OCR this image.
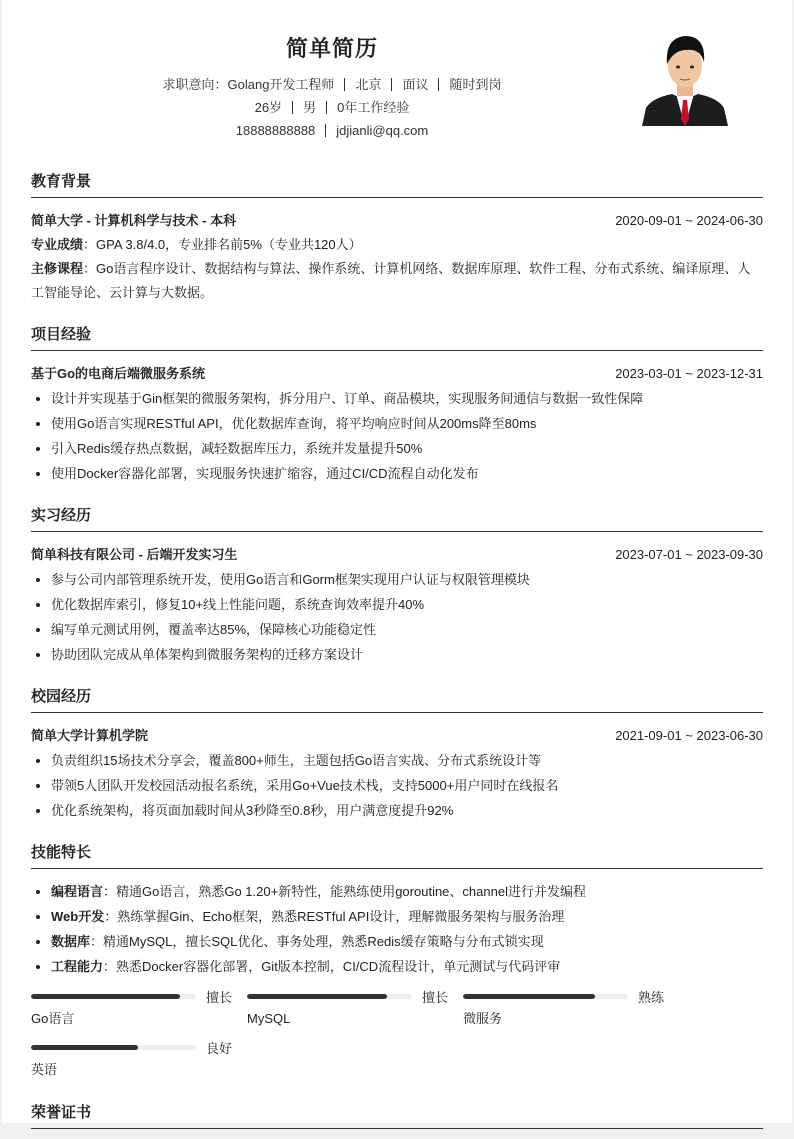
简单简历
求职意向：Golang开发工程师 北京 面议 随时到岗
26岁 男 0年工作经验
18888888888 jdjianli@qq.com
教育背景
简单大学 - 计算机科学与技术 - 本科	2020-09-01 ~ 2024-06-30
专业成绩：GPA 3.8/4.0，专业排名前5%（专业共120人）
主修课程：Go语言程序设计、数据结构与算法、操作系统、计算机网络、数据库原理、软件工程、分布式系统、编译原理、人工智能导论、云计算与大数据。
项目经验
基于Go的电商后端微服务系统	2023-03-01 ~ 2023-12-31
• 设计并实现基于Gin框架的微服务架构，拆分用户、订单、商品模块，实现服务间通信与数据一致性保障
• 使用Go语言实现RESTful API，优化数据库查询，将平均响应时间从200ms降至80ms
• 引入Redis缓存热点数据，减轻数据库压力，系统并发量提升50%
• 使用Docker容器化部署，实现服务快速扩缩容，通过CI/CD流程自动化发布
实习经历
简单科技有限公司 - 后端开发实习生	2023-07-01 ~ 2023-09-30
• 参与公司内部管理系统开发，使用Go语言和Gorm框架实现用户认证与权限管理模块
• 优化数据库索引，修复10+线上性能问题，系统查询效率提升40%
• 编写单元测试用例，覆盖率达85%，保障核心功能稳定性
• 协助团队完成从单体架构到微服务架构的迁移方案设计
校园经历
简单大学计算机学院	2021-09-01 ~ 2023-06-30
• 负责组织15场技术分享会，覆盖800+师生，主题包括Go语言实战、分布式系统设计等
• 带领5人团队开发校园活动报名系统，采用Go+Vue技术栈，支持5000+用户同时在线报名
• 优化系统架构，将页面加载时间从3秒降至0.8秒，用户满意度提升92%
技能特长
• 编程语言：精通Go语言，熟悉Go 1.20+新特性，能熟练使用goroutine、channel进行并发编程
• Web开发：熟练掌握Gin、Echo框架，熟悉RESTful API设计，理解微服务架构与服务治理
• 数据库：精通MySQL，擅长SQL优化、事务处理，熟悉Redis缓存策略与分布式锁实现
• 工程能力：熟悉Docker容器化部署，Git版本控制，CI/CD流程设计，单元测试与代码评审
擅长
Go语言
擅长
MySQL
熟练
微服务
良好
英语
荣誉证书
